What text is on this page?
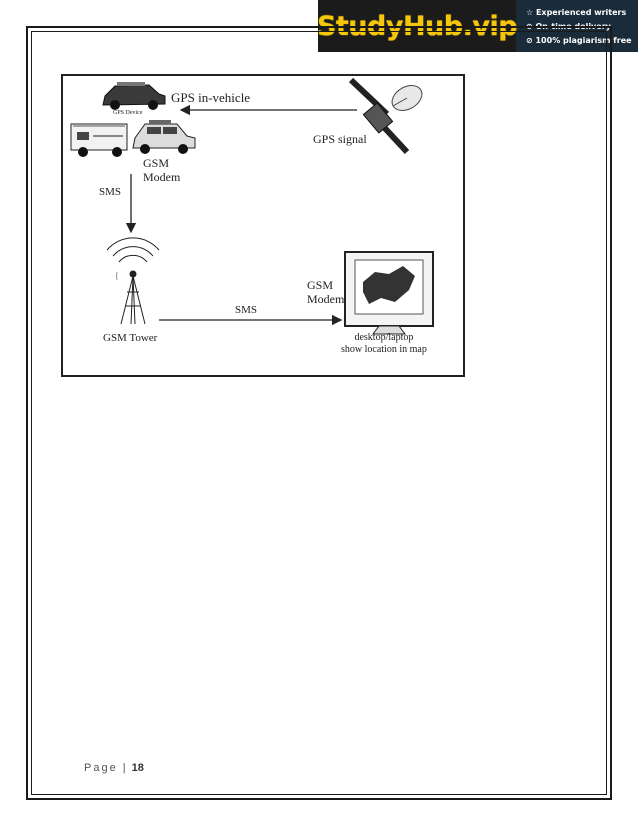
StudyHub.vip ☆ Experienced writers
⊙ On-time delivery
⊘ 100% plagiarism free
GPS in-vehicle
GPS Device
GPS signal
GSM
Modem
SMS
GSM Tower
SMS
GSM
Modem
desktop/laptop
show location in map
Page | 18
